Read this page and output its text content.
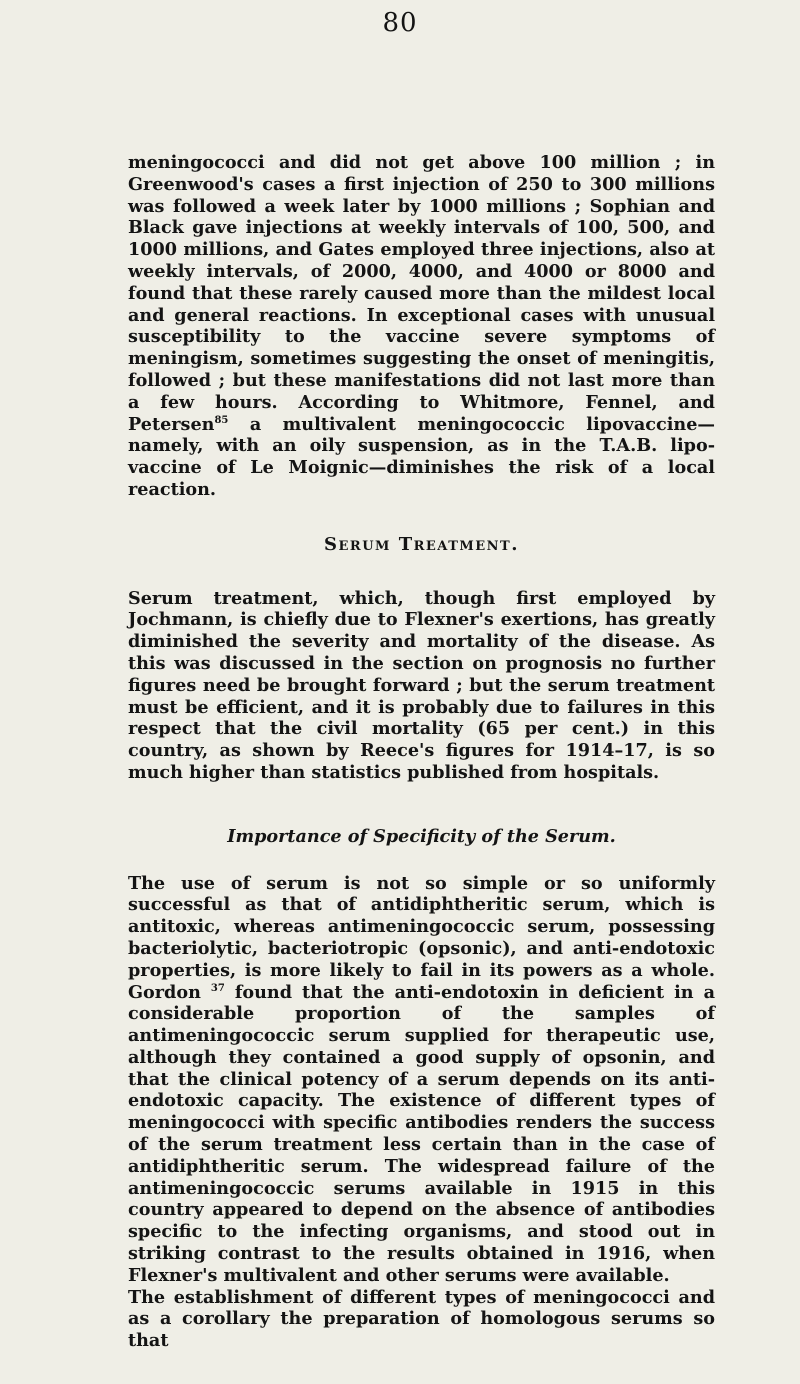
80

meningococci and did not get above 100 million ; in Greenwood's cases a first injection of 250 to 300 millions was followed a week later by 1000 millions ; Sophian and Black gave injections at weekly intervals of 100, 500, and 1000 millions, and Gates employed three injections, also at weekly intervals, of 2000, 4000, and 4000 or 8000 and found that these rarely caused more than the mildest local and general reactions. In exceptional cases with unusual susceptibility to the vaccine severe symptoms of meningism, sometimes suggesting the onset of meningitis, followed ; but these manifestations did not last more than a few hours. According to Whitmore, Fennel, and Petersen$^{85}$ a multivalent meningococcic lipovaccine—namely, with an oily suspension, as in the T.A.B. lipo-vaccine of Le Moignic—diminishes the risk of a local reaction.

Serum Treatment.

Serum treatment, which, though first employed by Jochmann, is chiefly due to Flexner's exertions, has greatly diminished the severity and mortality of the disease. As this was discussed in the section on prognosis no further figures need be brought forward ; but the serum treatment must be efficient, and it is probably due to failures in this respect that the civil mortality (65 per cent.) in this country, as shown by Reece's figures for 1914–17, is so much higher than statistics published from hospitals.

Importance of Specificity of the Serum.

The use of serum is not so simple or so uniformly successful as that of antidiphtheritic serum, which is antitoxic, whereas antimeningococcic serum, possessing bacteriolytic, bacteriotropic (opsonic), and anti-endotoxic properties, is more likely to fail in its powers as a whole. Gordon $^{37}$ found that the anti-endotoxin in deficient in a considerable proportion of the samples of antimeningococcic serum supplied for therapeutic use, although they contained a good supply of opsonin, and that the clinical potency of a serum depends on its anti-endotoxic capacity. The existence of different types of meningococci with specific antibodies renders the success of the serum treatment less certain than in the case of antidiphtheritic serum. The widespread failure of the antimeningococcic serums available in 1915 in this country appeared to depend on the absence of antibodies specific to the infecting organisms, and stood out in striking contrast to the results obtained in 1916, when Flexner's multivalent and other serums were available.

The establishment of different types of meningococci and as a corollary the preparation of homologous serums so that
